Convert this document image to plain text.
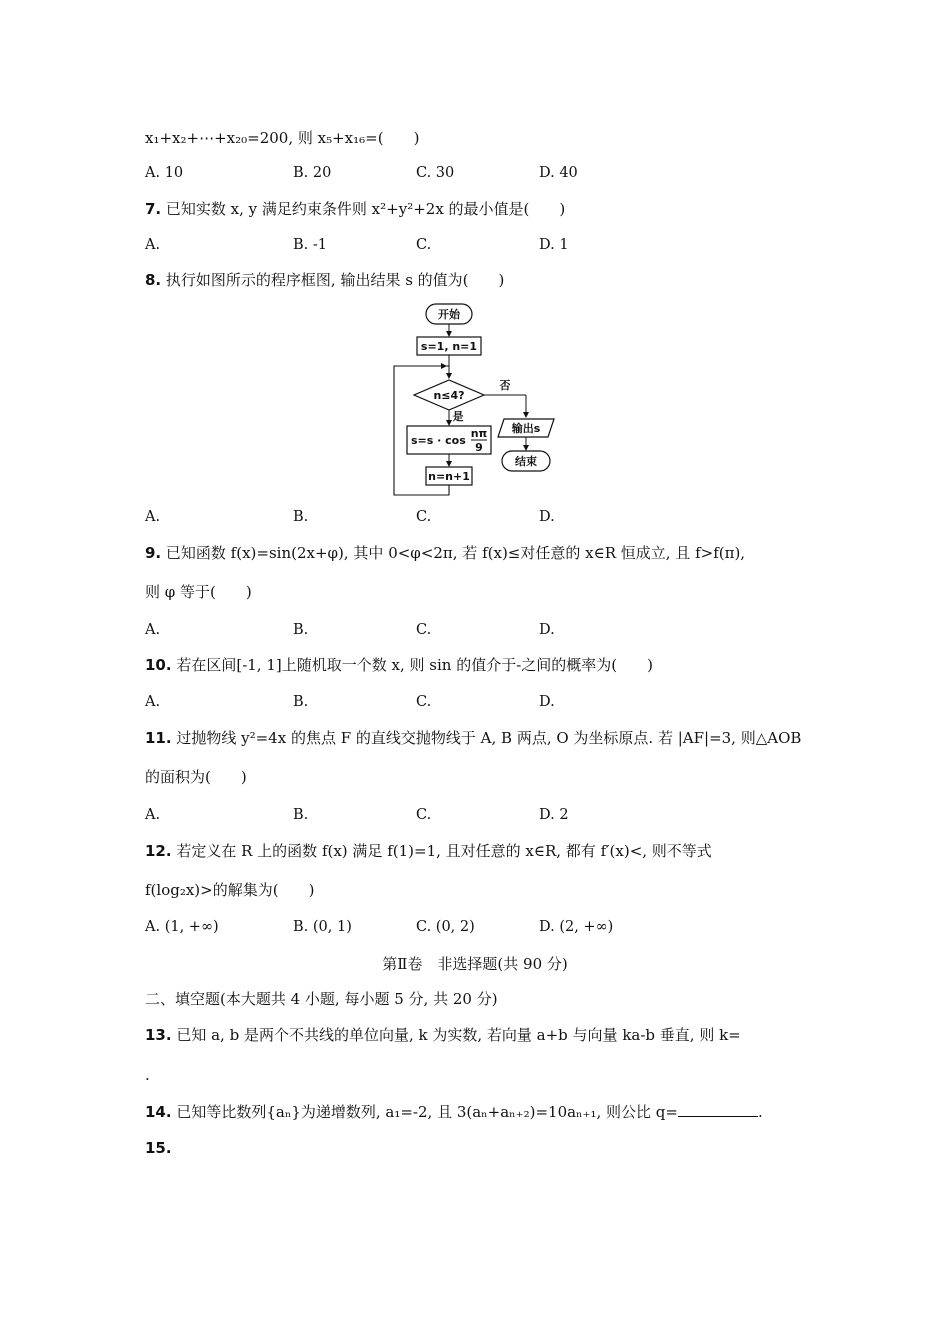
x₁+x₂+⋯+x₂₀=200, 则 x₅+x₁₆=(　　)
A. 10	B. 20	C. 30	D. 40
7. 已知实数 x, y 满足约束条件则 x²+y²+2x 的最小值是(　　)
A.	B. -1	C.	D. 1
8. 执行如图所示的程序框图, 输出结果 s 的值为(　　)
开始
s=1, n=1
n≤4?
否
输出s
结束
是
s=s · cos
nπ
9
n=n+1
A.	B.	C.	D.
9. 已知函数 f(x)=sin(2x+φ), 其中 0<φ<2π, 若 f(x)≤对任意的 x∈R 恒成立, 且 f>f(π),
则 φ 等于(　　)
A.	B.	C.	D.
10. 若在区间[-1, 1]上随机取一个数 x, 则 sin 的值介于-之间的概率为(　　)
A.	B.	C.	D.
11. 过抛物线 y²=4x 的焦点 F 的直线交抛物线于 A, B 两点, O 为坐标原点. 若 |AF|=3, 则△AOB
的面积为(　　)
A.	B.	C.	D. 2
12. 若定义在 R 上的函数 f(x) 满足 f(1)=1, 且对任意的 x∈R, 都有 f′(x)<, 则不等式
f(log₂x)>的解集为(　　)
A. (1, +∞)	B. (0, 1)	C. (0, 2)	D. (2, +∞)
第Ⅱ卷　非选择题(共 90 分)
二、填空题(本大题共 4 小题, 每小题 5 分, 共 20 分)
13. 已知 a, b 是两个不共线的单位向量, k 为实数, 若向量 a+b 与向量 ka-b 垂直, 则 k=
.
14. 已知等比数列{aₙ}为递增数列, a₁=-2, 且 3(aₙ+aₙ₊₂)=10aₙ₊₁, 则公比 q=	.
15.
